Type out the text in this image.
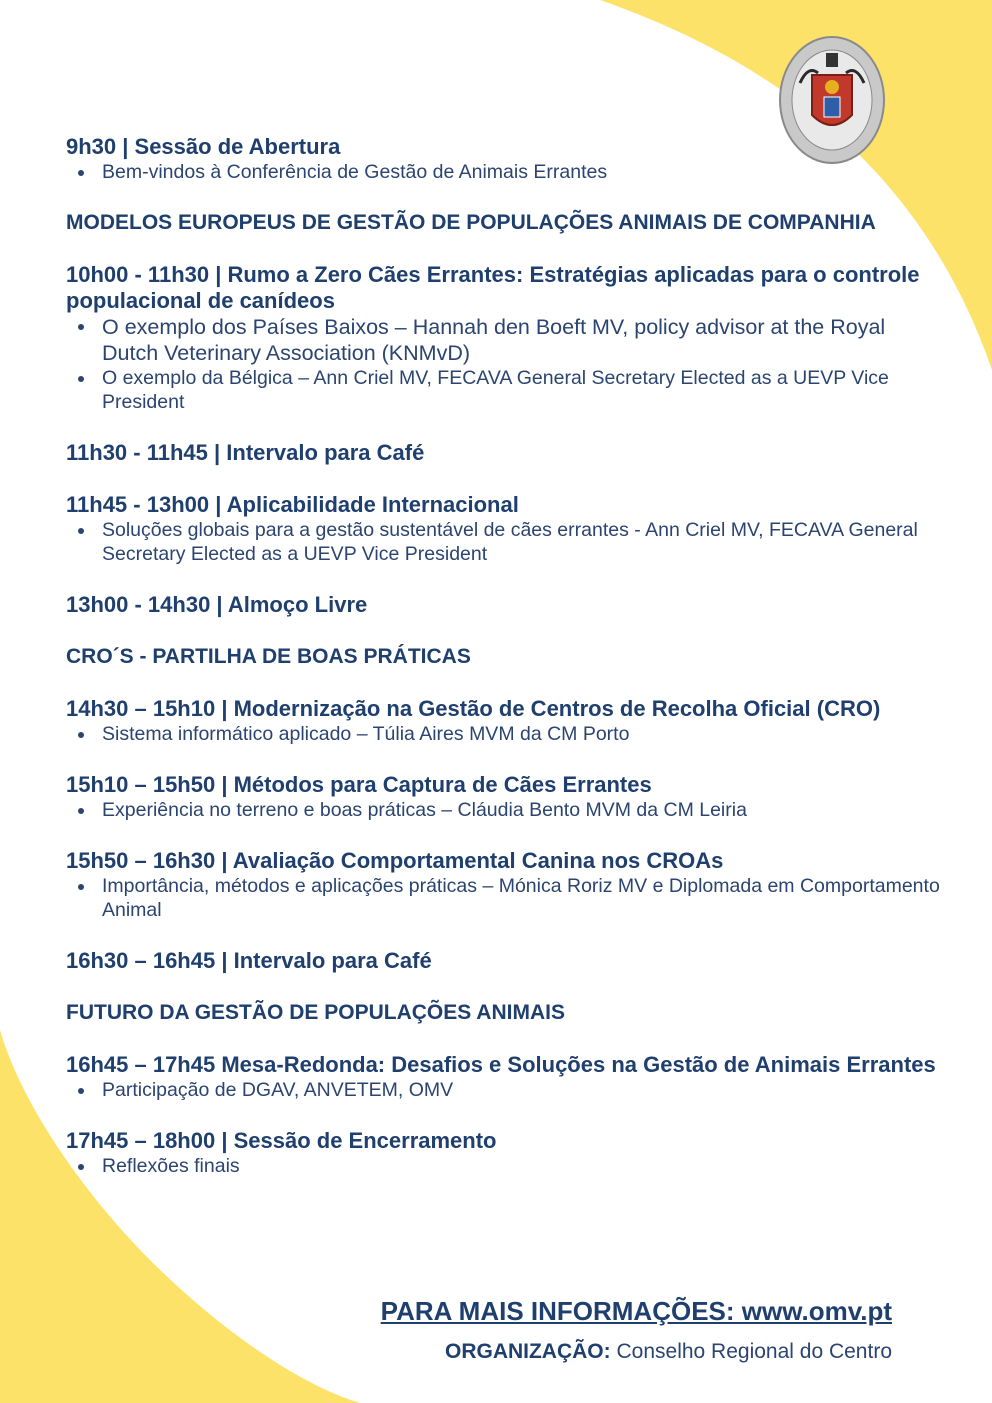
9h30 | Sessão de Abertura

Bem-vindos à Conferência de Gestão de Animais Errantes

MODELOS EUROPEUS DE GESTÃO DE POPULAÇÕES ANIMAIS DE COMPANHIA

10h00 - 11h30 | Rumo a Zero Cães Errantes: Estratégias aplicadas para o controle populacional de canídeos

O exemplo dos Países Baixos – Hannah den Boeft MV, policy advisor at the Royal Dutch Veterinary Association (KNMvD)
O exemplo da Bélgica – Ann Criel MV, FECAVA General Secretary Elected as a UEVP Vice President

11h30 - 11h45 | Intervalo para Café

11h45 - 13h00 | Aplicabilidade Internacional

Soluções globais para a gestão sustentável de cães errantes - Ann Criel MV, FECAVA General Secretary Elected as a UEVP Vice President

13h00 - 14h30 | Almoço Livre

CRO´S - PARTILHA DE BOAS PRÁTICAS

14h30 – 15h10 | Modernização na Gestão de Centros de Recolha Oficial (CRO)

Sistema informático aplicado – Túlia Aires MVM da CM Porto

15h10 – 15h50 | Métodos para Captura de Cães Errantes

Experiência no terreno e boas práticas – Cláudia Bento MVM da CM Leiria

15h50 – 16h30 | Avaliação Comportamental Canina nos CROAs

Importância, métodos e aplicações práticas – Mónica Roriz MV e Diplomada em Comportamento Animal

16h30 – 16h45 | Intervalo para Café

FUTURO DA GESTÃO DE POPULAÇÕES ANIMAIS

16h45 – 17h45 Mesa-Redonda: Desafios e Soluções na Gestão de Animais Errantes

Participação de DGAV, ANVETEM, OMV

17h45 – 18h00 | Sessão de Encerramento

Reflexões finais
PARA MAIS INFORMAÇÕES: www.omv.pt
ORGANIZAÇÃO: Conselho Regional do Centro
